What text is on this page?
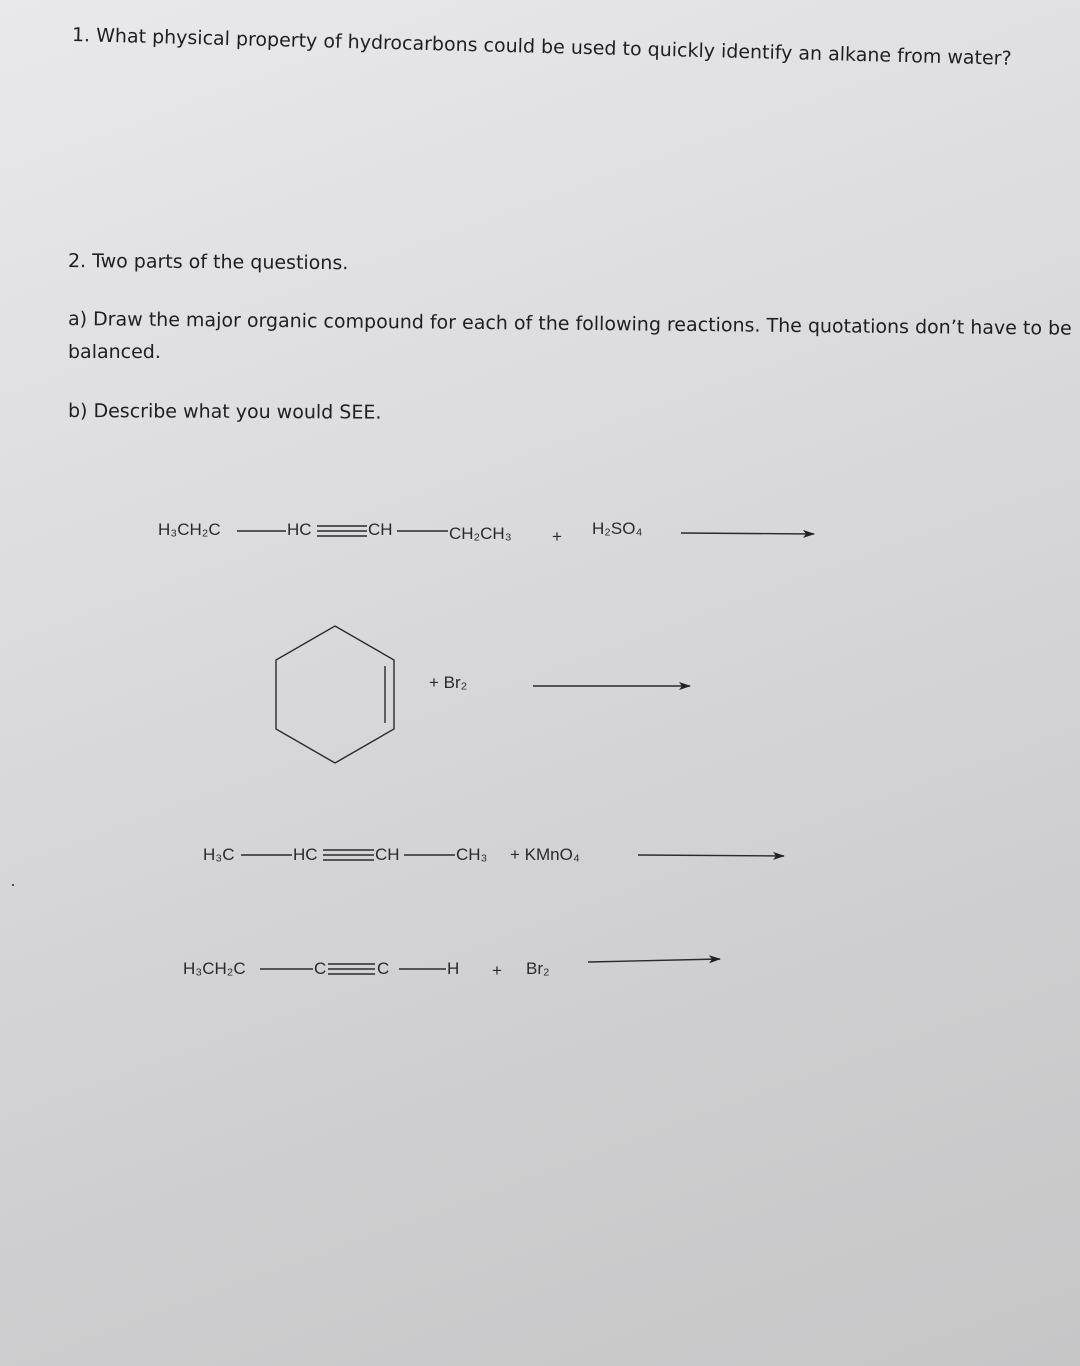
1. What physical property of hydrocarbons could be used to quickly identify an alkane from water?
2. Two parts of the questions.
a) Draw the major organic compound for each of the following reactions. The quotations don’t have to be
balanced.
b) Describe what you would SEE.
H₃CH₂C	HC	CH	CH₂CH₃ + H₂SO₄
+ Br₂
H₃C	HC	CH	CH₃ + KMnO₄
H₃CH₂C	C	C	H + Br₂
